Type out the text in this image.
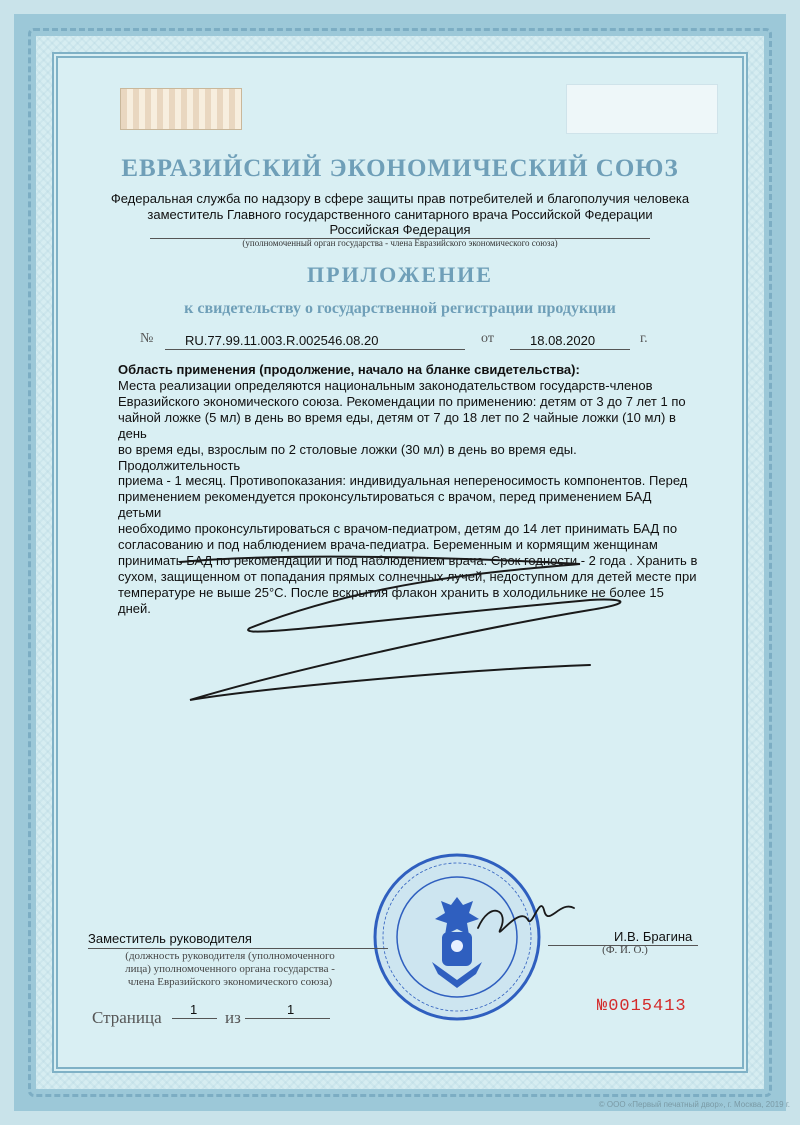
ЕВРАЗИЙСКИЙ ЭКОНОМИЧЕСКИЙ СОЮЗ
Федеральная служба по надзору в сфере защиты прав потребителей и благополучия человека
заместитель Главного государственного санитарного врача Российской Федерации
Российская Федерация
(уполномоченный орган государства - члена Евразийского экономического союза)
ПРИЛОЖЕНИЕ
к свидетельству о государственной регистрации продукции
№ RU.77.99.11.003.R.002546.08.20	от	18.08.2020	г.
Область применения (продолжение, начало на бланке свидетельства):
Места реализации определяются национальным законодательством государств-членов
Евразийского экономического союза. Рекомендации по применению: детям от 3 до 7 лет 1 по
чайной ложке (5 мл) в день во время еды, детям от 7 до 18 лет по 2 чайные ложки (10 мл) в день
во время еды, взрослым по 2 столовые ложки (30 мл) в день во время еды. Продолжительность
приема - 1 месяц. Противопоказания: индивидуальная непереносимость компонентов. Перед
применением рекомендуется проконсультироваться с врачом, перед применением БАД детьми
необходимо проконсультироваться с врачом-педиатром, детям до 14 лет принимать БАД по
согласованию и под наблюдением врача-педиатра. Беременным и кормящим женщинам
принимать БАД по рекомендации и под наблюдением врача. Срок годности - 2 года . Хранить в
сухом, защищенном от попадания прямых солнечных лучей, недоступном для детей месте при
температуре не выше 25°С. После вскрытия флакон хранить в холодильнике не более 15 дней.
Заместитель руководителя
(должность руководителя (уполномоченного
лица) уполномоченного органа государства -
члена Евразийского экономического союза)
И.В. Брагина
(Ф. И. О.)
Страница 1 из	1	№0015413
© ООО «Первый печатный двор», г. Москва, 2019 г.
